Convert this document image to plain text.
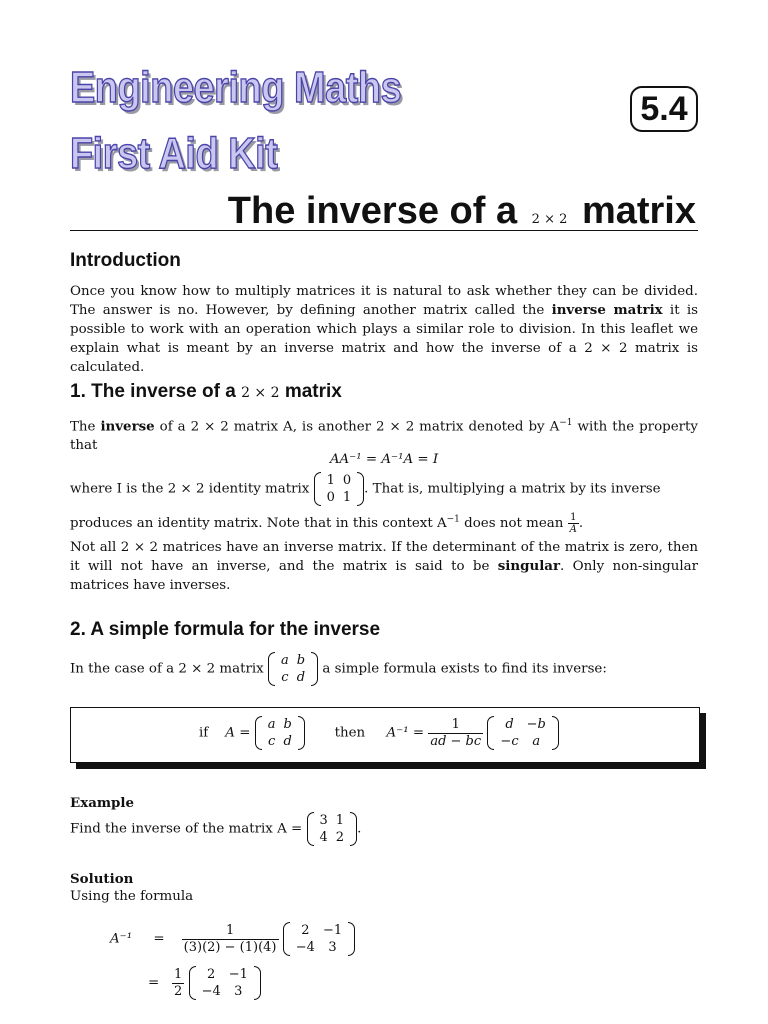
Engineering Maths
First Aid Kit
5.4
The inverse of a 2 × 2 matrix
Introduction
Once you know how to multiply matrices it is natural to ask whether they can be divided. The answer is no. However, by defining another matrix called the inverse matrix it is possible to work with an operation which plays a similar role to division. In this leaflet we explain what is meant by an inverse matrix and how the inverse of a 2 × 2 matrix is calculated.
1. The inverse of a 2 × 2 matrix
The inverse of a 2 × 2 matrix A, is another 2 × 2 matrix denoted by $A^{-1}$ with the property that
AA⁻¹ = A⁻¹A = I
where I is the 2 × 2 identity matrix
1	0
0	1
. That is, multiplying a matrix by its inverse
produces an identity matrix. Note that in this context $A^{-1}$ does not mean $\frac{1}{A}$ .
Not all 2 × 2 matrices have an inverse matrix. If the determinant of the matrix is zero, then it will not have an inverse, and the matrix is said to be singular. Only non-singular matrices have inverses.
2. A simple formula for the inverse
In the case of a 2 × 2 matrix
a	b
c	d
a simple formula exists to find its inverse:
if A =
a	b
c	d
then $A^{-1} = \frac{1}{ad - bc}$
d	−b
−c	a
Example
Find the inverse of the matrix A =
3	1
4	2
.
Solution
Using the formula
$A^{-1} = \frac{1}{(3)(2) - (1)(4)}$
2	−1
−4	3
= $\frac{1}{2}$
2	−1
−4	3
